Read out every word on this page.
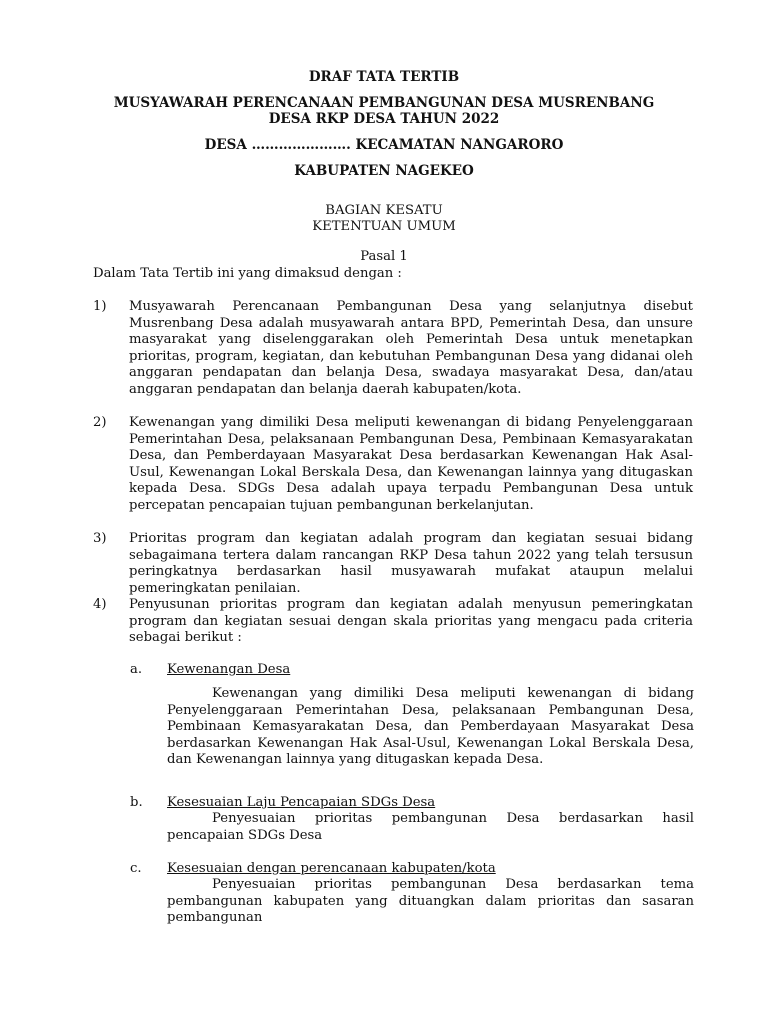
DRAF TATA TERTIB

MUSYAWARAH PERENCANAAN PEMBANGUNAN DESA MUSRENBANG

DESA RKP DESA TAHUN 2022

DESA …………………. KECAMATAN NANGARORO

KABUPATEN NAGEKEO

BAGIAN KESATU

KETENTUAN UMUM

Pasal 1

Dalam Tata Tertib ini yang dimaksud dengan :

1)	Musyawarah Perencanaan Pembangunan Desa yang selanjutnya disebut Musrenbang Desa adalah musyawarah antara BPD, Pemerintah Desa, dan unsure masyarakat yang diselenggarakan oleh Pemerintah Desa untuk menetapkan prioritas, program, kegiatan, dan kebutuhan Pembangunan Desa yang didanai oleh anggaran pendapatan dan belanja Desa, swadaya masyarakat Desa, dan/atau anggaran pendapatan dan belanja daerah kabupaten/kota.

2)	Kewenangan yang dimiliki Desa meliputi kewenangan di bidang Penyelenggaraan Pemerintahan Desa, pelaksanaan Pembangunan Desa, Pembinaan Kemasyarakatan Desa, dan Pemberdayaan Masyarakat Desa berdasarkan Kewenangan Hak Asal-Usul, Kewenangan Lokal Berskala Desa, dan Kewenangan lainnya yang ditugaskan kepada Desa. SDGs Desa adalah upaya terpadu Pembangunan Desa untuk percepatan pencapaian tujuan pembangunan berkelanjutan.

3)	Prioritas program dan kegiatan adalah program dan kegiatan sesuai bidang sebagaimana tertera dalam rancangan RKP Desa tahun 2022 yang telah tersusun peringkatnya berdasarkan hasil musyawarah mufakat ataupun melalui pemeringkatan penilaian.

4)	Penyusunan prioritas program dan kegiatan adalah menyusun pemeringkatan program dan kegiatan sesuai dengan skala prioritas yang mengacu pada criteria sebagai berikut :

a. Kewenangan Desa

Kewenangan yang dimiliki Desa meliputi kewenangan di bidang Penyelenggaraan Pemerintahan Desa, pelaksanaan Pembangunan Desa, Pembinaan Kemasyarakatan Desa, dan Pemberdayaan Masyarakat Desa berdasarkan Kewenangan Hak Asal-Usul, Kewenangan Lokal Berskala Desa, dan Kewenangan lainnya yang ditugaskan kepada Desa.

b. Kesesuaian Laju Pencapaian SDGs Desa

Penyesuaian prioritas pembangunan Desa berdasarkan hasil pencapaian SDGs Desa

c. Kesesuaian dengan perencanaan kabupaten/kota

Penyesuaian prioritas pembangunan Desa berdasarkan tema pembangunan kabupaten yang dituangkan dalam prioritas dan sasaran pembangunan
